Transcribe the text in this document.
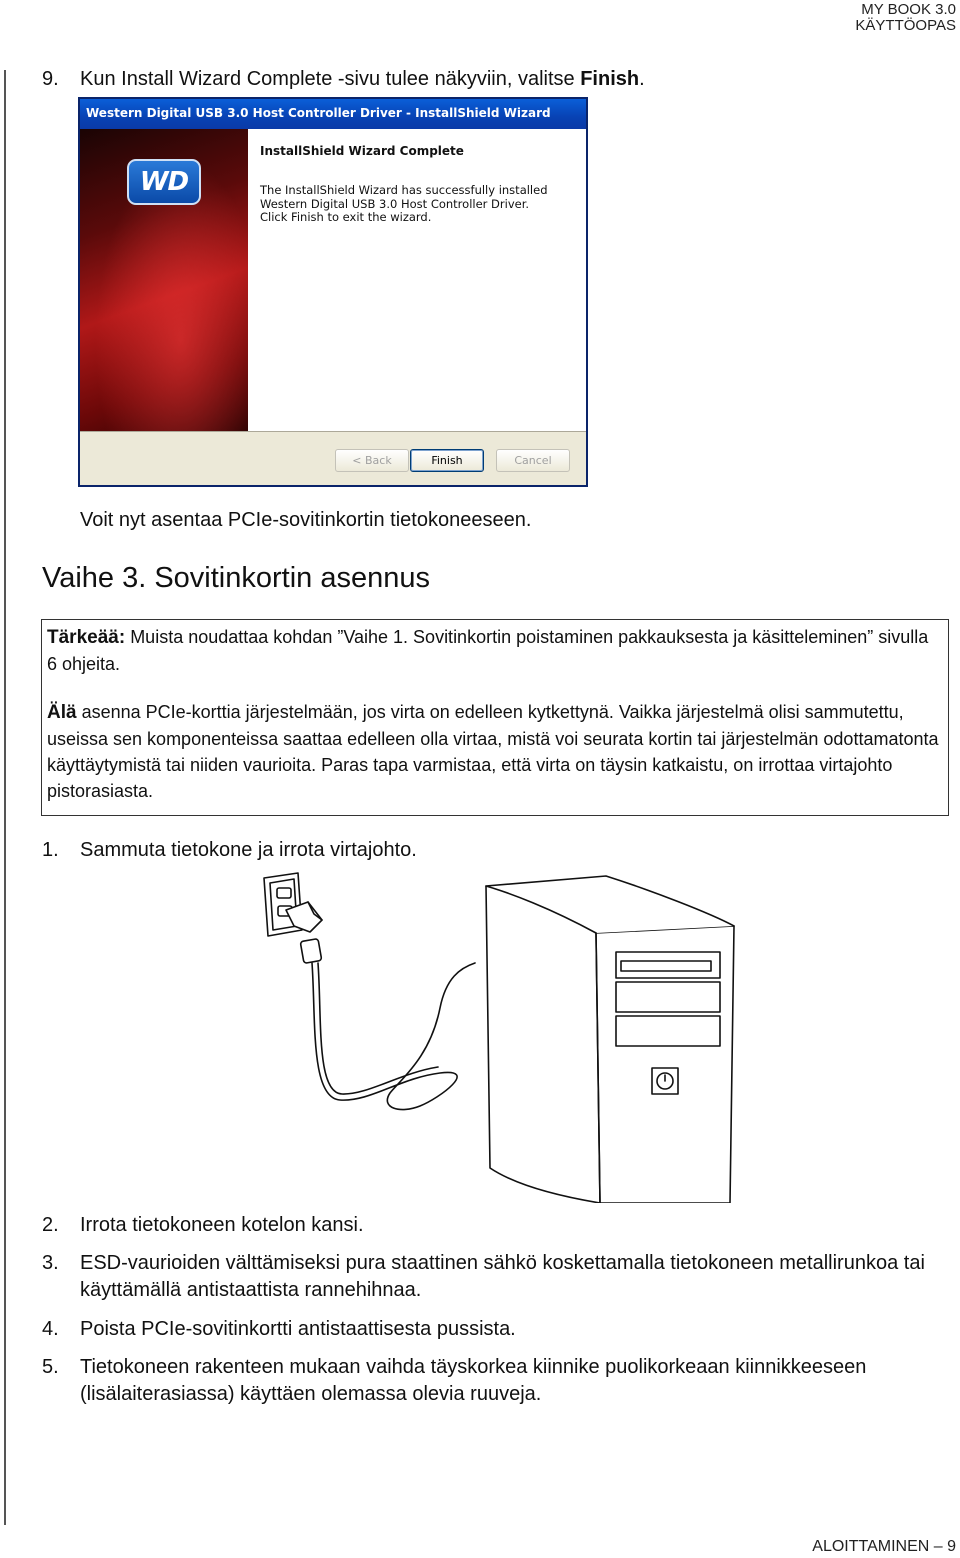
MY BOOK 3.0
KÄYTTÖOPAS
9. Kun Install Wizard Complete -sivu tulee näkyviin, valitse Finish.
Western Digital USB 3.0 Host Controller Driver - InstallShield Wizard
WD
InstallShield Wizard Complete
The InstallShield Wizard has successfully installed Western Digital USB 3.0 Host Controller Driver. Click Finish to exit the wizard.
< Back	Finish	Cancel
Voit nyt asentaa PCIe-sovitinkortin tietokoneeseen.
Vaihe 3. Sovitinkortin asennus
Tärkeää: Muista noudattaa kohdan ”Vaihe 1. Sovitinkortin poistaminen pakkauksesta ja käsitteleminen” sivulla 6 ohjeita.
Älä asenna PCIe-korttia järjestelmään, jos virta on edelleen kytkettynä. Vaikka järjestelmä olisi sammutettu, useissa sen komponenteissa saattaa edelleen olla virtaa, mistä voi seurata kortin tai järjestelmän odottamatonta käyttäytymistä tai niiden vaurioita. Paras tapa varmistaa, että virta on täysin katkaistu, on irrottaa virtajohto pistorasiasta.
1. Sammuta tietokone ja irrota virtajohto.
2. Irrota tietokoneen kotelon kansi.
3. ESD-vaurioiden välttämiseksi pura staattinen sähkö koskettamalla tietokoneen metallirunkoa tai käyttämällä antistaattista rannehihnaa.
4. Poista PCIe-sovitinkortti antistaattisesta pussista.
5. Tietokoneen rakenteen mukaan vaihda täyskorkea kiinnike puolikorkeaan kiinnikkeeseen (lisälaiterasiassa) käyttäen olemassa olevia ruuveja.
ALOITTAMINEN – 9
